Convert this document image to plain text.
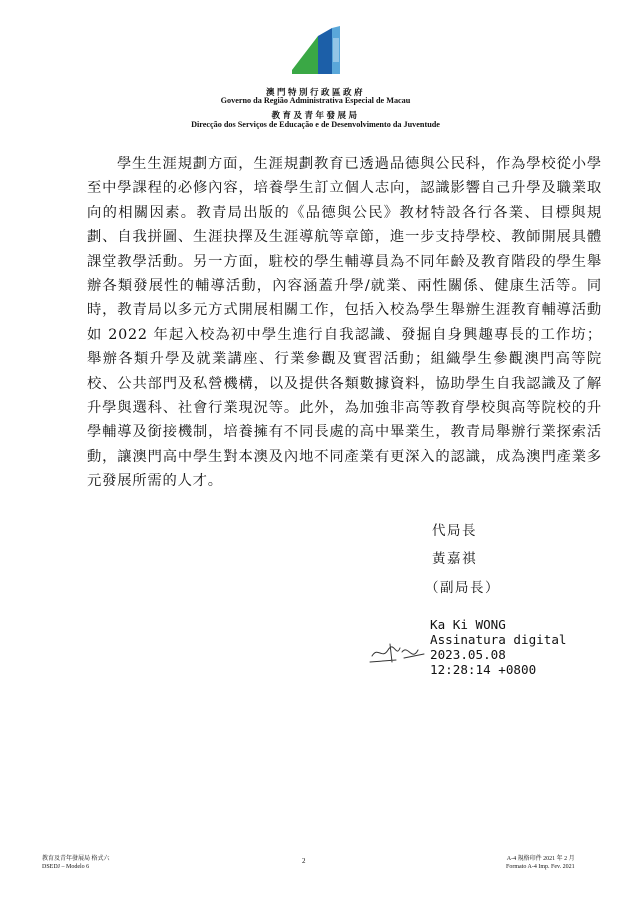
澳門特別行政區政府
Governo da Região Administrativa Especial de Macau
教育及青年發展局
Direcção dos Serviços de Educação e de Desenvolvimento da Juventude
學生生涯規劃方面，生涯規劃教育已透過品德與公民科，作為學校從小學至中學課程的必修內容，培養學生訂立個人志向，認識影響自己升學及職業取向的相關因素。教青局出版的《品德與公民》教材特設各行各業、目標與規劃、自我拼圖、生涯抉擇及生涯導航等章節，進一步支持學校、教師開展具體課堂教學活動。另一方面，駐校的學生輔導員為不同年齡及教育階段的學生舉辦各類發展性的輔導活動，內容涵蓋升學/就業、兩性關係、健康生活等。同時，教青局以多元方式開展相關工作，包括入校為學生舉辦生涯教育輔導活動如 2022 年起入校為初中學生進行自我認識、發掘自身興趣專長的工作坊；舉辦各類升學及就業講座、行業參觀及實習活動；組織學生參觀澳門高等院校、公共部門及私營機構，以及提供各類數據資料，協助學生自我認識及了解升學與選科、社會行業現況等。此外，為加強非高等教育學校與高等院校的升學輔導及銜接機制，培養擁有不同長處的高中畢業生，教青局舉辦行業探索活動，讓澳門高中學生對本澳及內地不同產業有更深入的認識，成為澳門產業多元發展所需的人才。
代局長
黃嘉祺
（副局長）
Ka Ki WONG
Assinatura digital
2023.05.08
12:28:14 +0800
教育及青年發展局 格式六
DSEDJ – Modelo 6
2	A-4 規格印件 2021 年 2 月
Formato A-4 Imp. Fev. 2021
